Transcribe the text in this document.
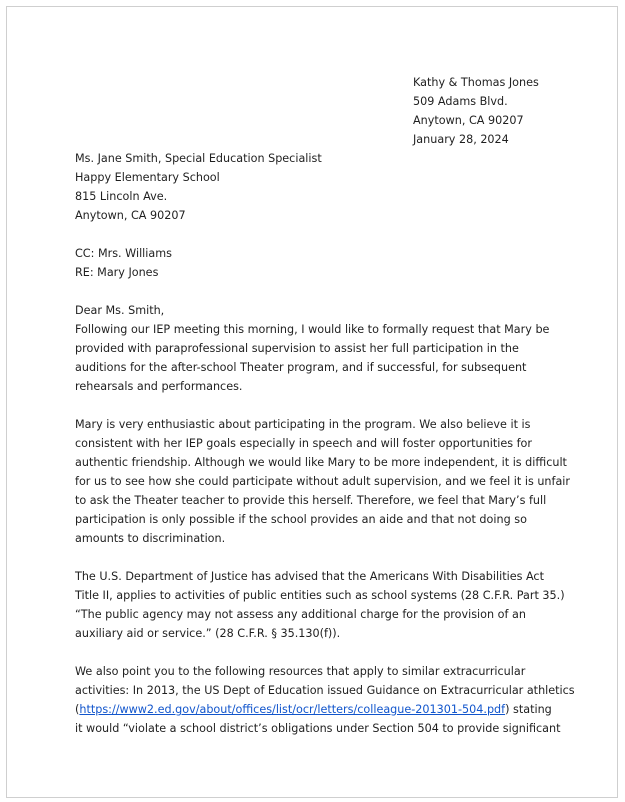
Kathy & Thomas Jones
509 Adams Blvd.
Anytown, CA 90207
January 28, 2024
Ms. Jane Smith, Special Education Specialist
Happy Elementary School
815 Lincoln Ave.
Anytown, CA 90207
CC: Mrs. Williams
RE: Mary Jones
Dear Ms. Smith,
Following our IEP meeting this morning, I would like to formally request that Mary be
provided with paraprofessional supervision to assist her full participation in the
auditions for the after-school Theater program, and if successful, for subsequent
rehearsals and performances.
Mary is very enthusiastic about participating in the program. We also believe it is
consistent with her IEP goals especially in speech and will foster opportunities for
authentic friendship. Although we would like Mary to be more independent, it is difficult
for us to see how she could participate without adult supervision, and we feel it is unfair
to ask the Theater teacher to provide this herself. Therefore, we feel that Mary’s full
participation is only possible if the school provides an aide and that not doing so
amounts to discrimination.
The U.S. Department of Justice has advised that the Americans With Disabilities Act
Title II, applies to activities of public entities such as school systems (28 C.F.R. Part 35.)
“The public agency may not assess any additional charge for the provision of an
auxiliary aid or service.” (28 C.F.R. § 35.130(f)).
We also point you to the following resources that apply to similar extracurricular
activities: In 2013, the US Dept of Education issued Guidance on Extracurricular athletics
(https://www2.ed.gov/about/offices/list/ocr/letters/colleague-201301-504.pdf) stating
it would “violate a school district’s obligations under Section 504 to provide significant
